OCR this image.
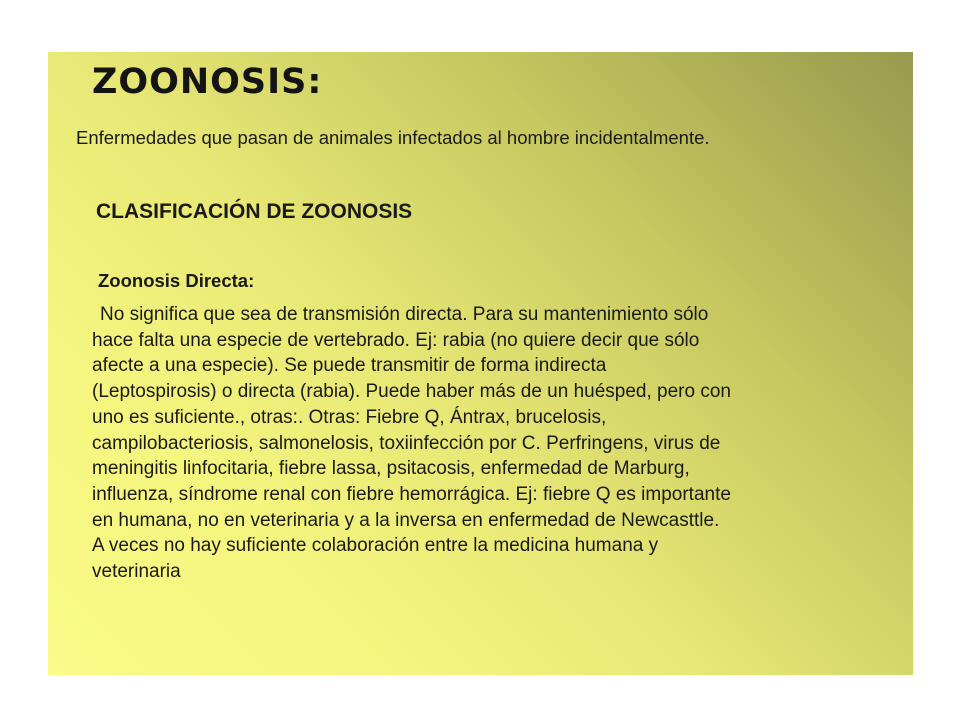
ZOONOSIS:

Enfermedades que pasan de animales infectados al hombre incidentalmente.

CLASIFICACIÓN DE ZOONOSIS
Zoonosis Directa:
No significa que sea de transmisión directa. Para su mantenimiento sólo
hace falta una especie de vertebrado. Ej: rabia (no quiere decir que sólo
afecte a una especie). Se puede transmitir de forma indirecta
(Leptospirosis) o directa (rabia). Puede haber más de un huésped, pero con
uno es suficiente., otras:. Otras: Fiebre Q, Ántrax, brucelosis,
campilobacteriosis, salmonelosis, toxiinfección por C. Perfringens, virus de
meningitis linfocitaria, fiebre lassa, psitacosis, enfermedad de Marburg,
influenza, síndrome renal con fiebre hemorrágica. Ej: fiebre Q es importante
en humana, no en veterinaria y a la inversa en enfermedad de Newcasttle.
A veces no hay suficiente colaboración entre la medicina humana y
veterinaria
